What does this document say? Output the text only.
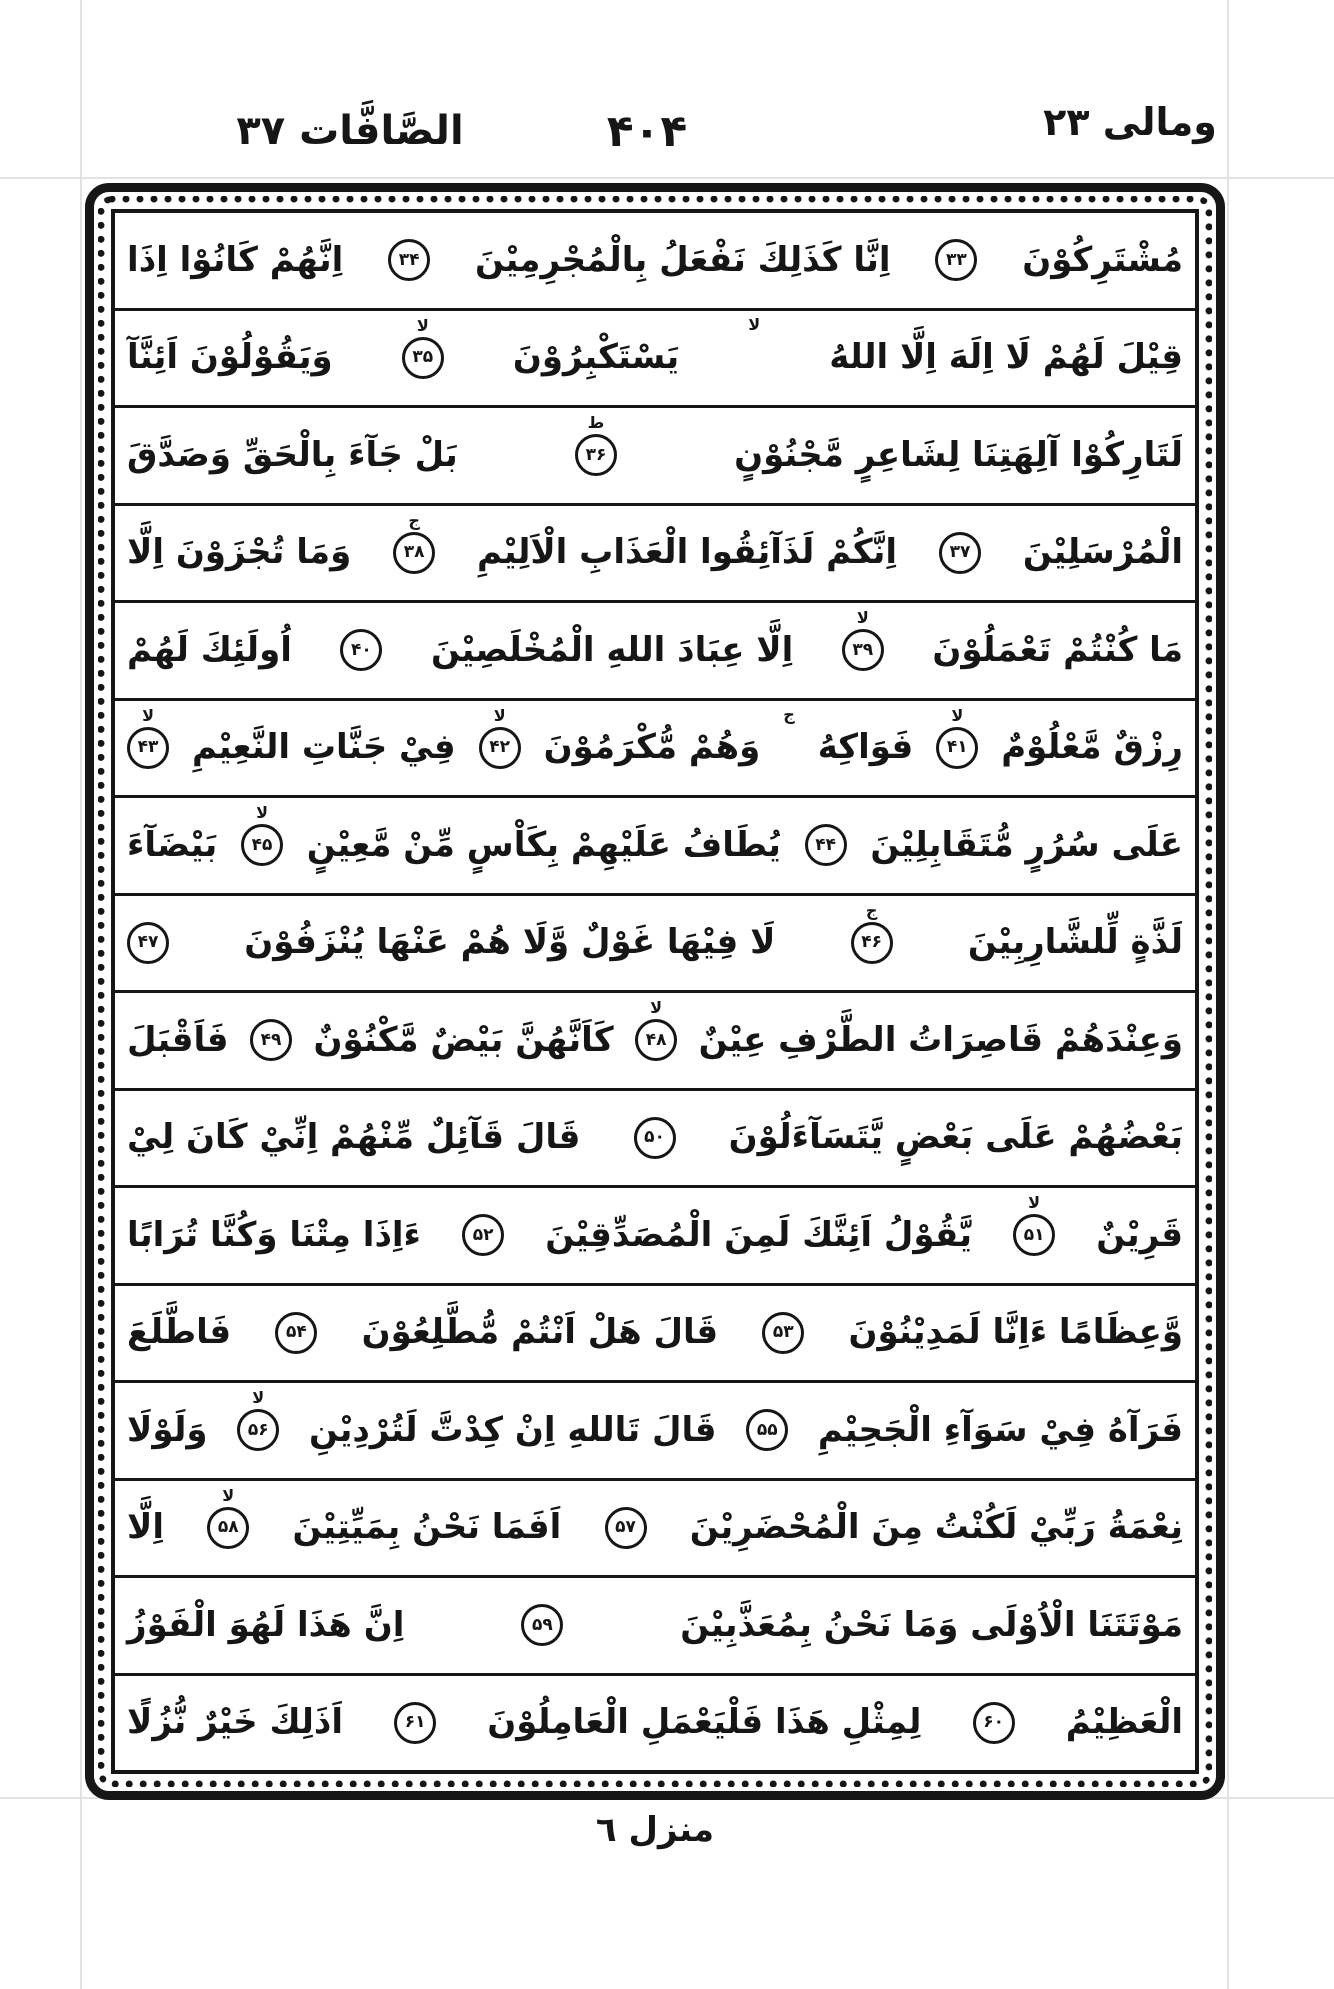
الصَّافَّات ٣٧	۴۰۴	ومالی ٢٣
مُشْتَرِكُوْنَ
۳۳
اِنَّا كَذَلِكَ نَفْعَلُ بِالْمُجْرِمِيْنَ
۳۴
اِنَّهُمْ كَانُوْا اِذَا
قِيْلَ لَهُمْ لَا اِلَهَ اِلَّا اللهُ
لا
يَسْتَكْبِرُوْنَ
۳۵
لا
وَيَقُوْلُوْنَ اَئِنَّآ
لَتَارِكُوْا آلِهَتِنَا لِشَاعِرٍ مَّجْنُوْنٍ
۳۶
ط
بَلْ جَآءَ بِالْحَقِّ وَصَدَّقَ
الْمُرْسَلِيْنَ
۳۷
اِنَّكُمْ لَذَآئِقُوا الْعَذَابِ الْاَلِيْمِ
۳۸
ج
وَمَا تُجْزَوْنَ اِلَّا
مَا كُنْتُمْ تَعْمَلُوْنَ
۳۹
لا
اِلَّا عِبَادَ اللهِ الْمُخْلَصِيْنَ
۴۰
اُولَئِكَ لَهُمْ
رِزْقٌ مَّعْلُوْمٌ
۴۱
لا
فَوَاكِهُ
ج
وَهُمْ مُّكْرَمُوْنَ
۴۲
لا
فِيْ جَنَّاتِ النَّعِيْمِ
۴۳
لا
عَلَى سُرُرٍ مُّتَقَابِلِيْنَ
۴۴
يُطَافُ عَلَيْهِمْ بِكَاْسٍ مِّنْ مَّعِيْنٍ
۴۵
لا
بَيْضَآءَ
لَذَّةٍ لِّلشَّارِبِيْنَ
۴۶
ج
لَا فِيْهَا غَوْلٌ وَّلَا هُمْ عَنْهَا يُنْزَفُوْنَ
۴۷
وَعِنْدَهُمْ قَاصِرَاتُ الطَّرْفِ عِيْنٌ
۴۸
لا
كَاَنَّهُنَّ بَيْضٌ مَّكْنُوْنٌ
۴۹
فَاَقْبَلَ
بَعْضُهُمْ عَلَى بَعْضٍ يَّتَسَآءَلُوْنَ
۵۰
قَالَ قَآئِلٌ مِّنْهُمْ اِنِّيْ كَانَ لِيْ
قَرِيْنٌ
۵۱
لا
يَّقُوْلُ اَئِنَّكَ لَمِنَ الْمُصَدِّقِيْنَ
۵۲
ءَاِذَا مِتْنَا وَكُنَّا تُرَابًا
وَّعِظَامًا ءَاِنَّا لَمَدِيْنُوْنَ
۵۳
قَالَ هَلْ اَنْتُمْ مُّطَّلِعُوْنَ
۵۴
فَاطَّلَعَ
فَرَآهُ فِيْ سَوَآءِ الْجَحِيْمِ
۵۵
قَالَ تَاللهِ اِنْ كِدْتَّ لَتُرْدِيْنِ
۵۶
لا
وَلَوْلَا
نِعْمَةُ رَبِّيْ لَكُنْتُ مِنَ الْمُحْضَرِيْنَ
۵۷
اَفَمَا نَحْنُ بِمَيِّتِيْنَ
۵۸
لا
اِلَّا
مَوْتَتَنَا الْاُوْلَى وَمَا نَحْنُ بِمُعَذَّبِيْنَ
۵۹
اِنَّ هَذَا لَهُوَ الْفَوْزُ
الْعَظِيْمُ
۶۰
لِمِثْلِ هَذَا فَلْيَعْمَلِ الْعَامِلُوْنَ
۶۱
اَذَلِكَ خَيْرٌ نُّزُلًا
منزل ٦
